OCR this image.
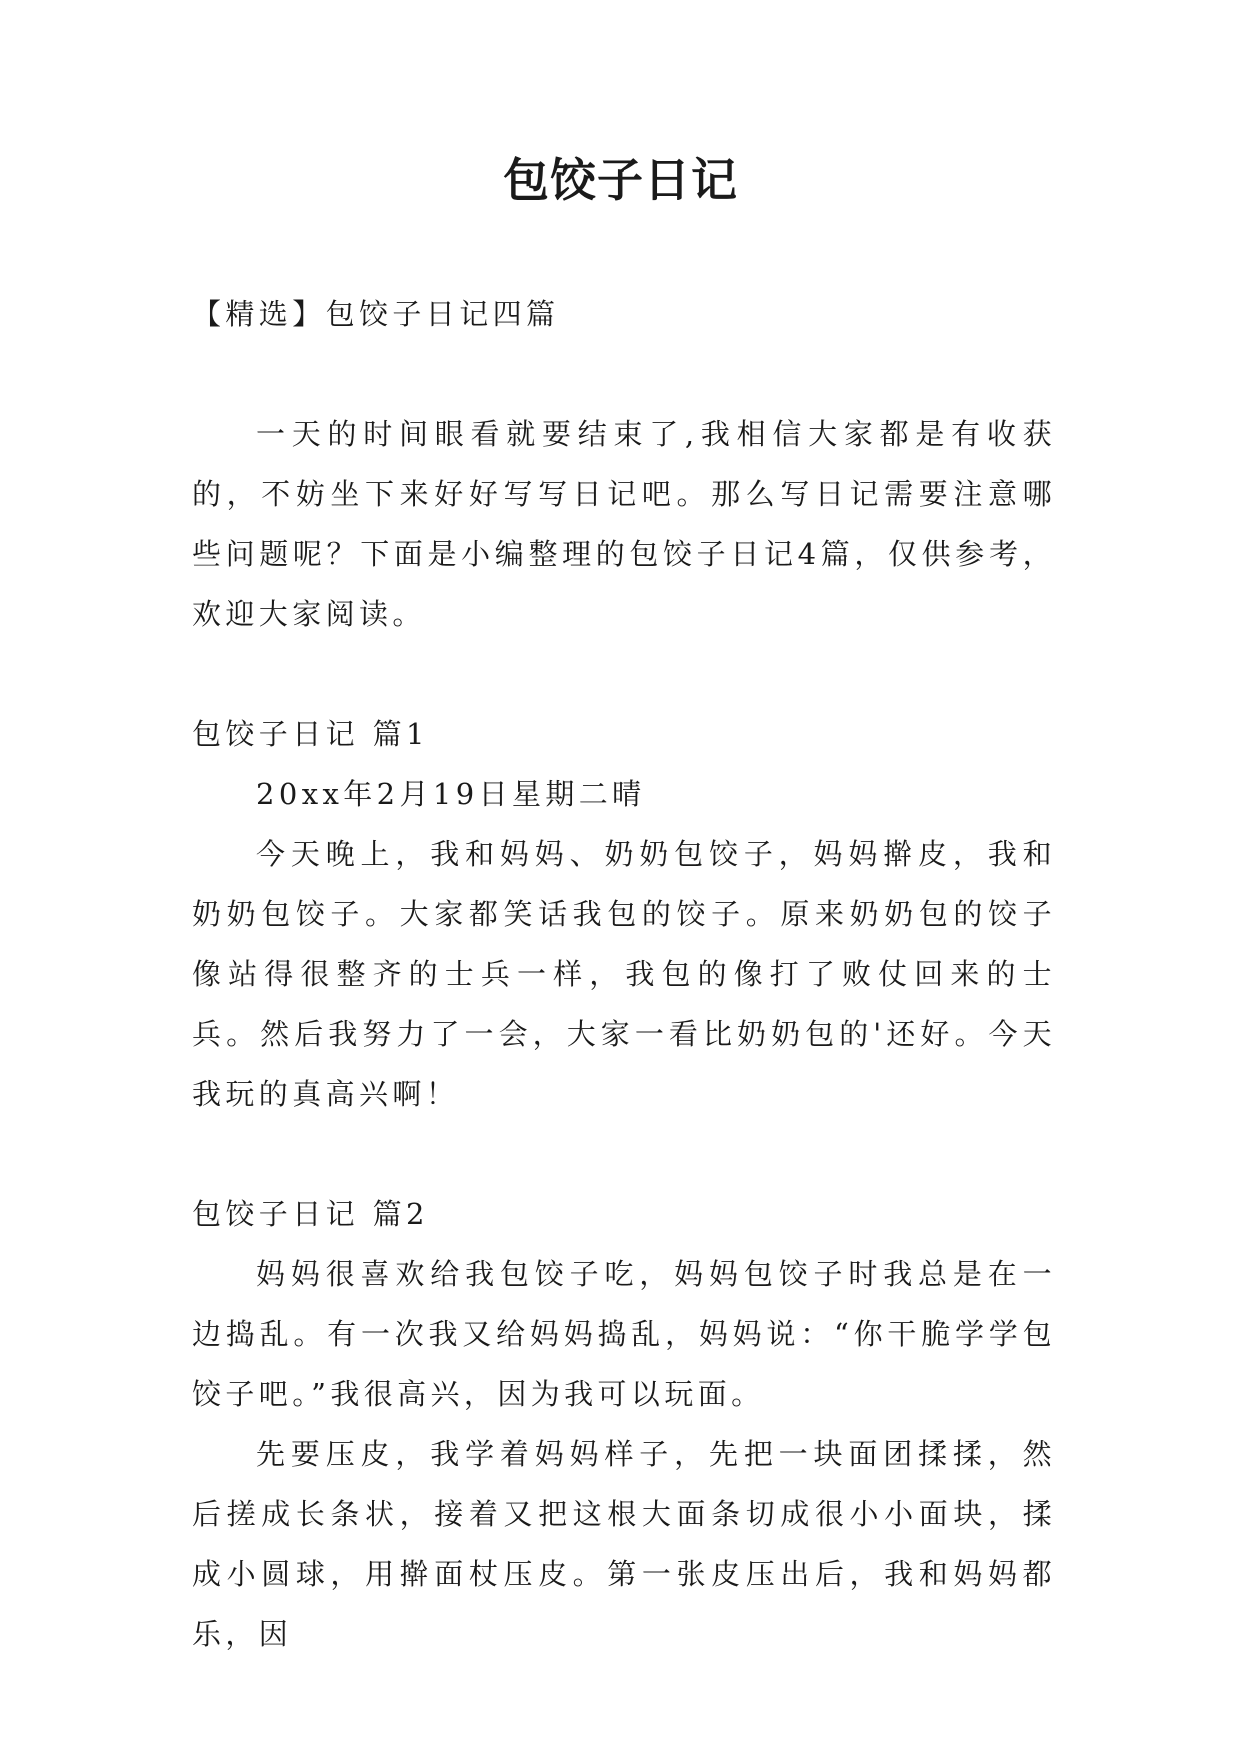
包饺子日记

【精选】包饺子日记四篇

一天的时间眼看就要结束了,我相信大家都是有收获的，不妨坐下来好好写写日记吧。那么写日记需要注意哪些问题呢？下面是小编整理的包饺子日记4篇，仅供参考，欢迎大家阅读。

包饺子日记 篇1

20xx年2月19日星期二晴

今天晚上，我和妈妈、奶奶包饺子，妈妈擀皮，我和奶奶包饺子。大家都笑话我包的饺子。原来奶奶包的饺子像站得很整齐的士兵一样，我包的像打了败仗回来的士兵。然后我努力了一会，大家一看比奶奶包的'还好。今天我玩的真高兴啊！

包饺子日记 篇2

妈妈很喜欢给我包饺子吃，妈妈包饺子时我总是在一边捣乱。有一次我又给妈妈捣乱，妈妈说：“你干脆学学包饺子吧。”我很高兴，因为我可以玩面。

先要压皮，我学着妈妈样子，先把一块面团揉揉，然后搓成长条状，接着又把这根大面条切成很小小面块，揉成小圆球，用擀面杖压皮。第一张皮压出后，我和妈妈都乐，因
